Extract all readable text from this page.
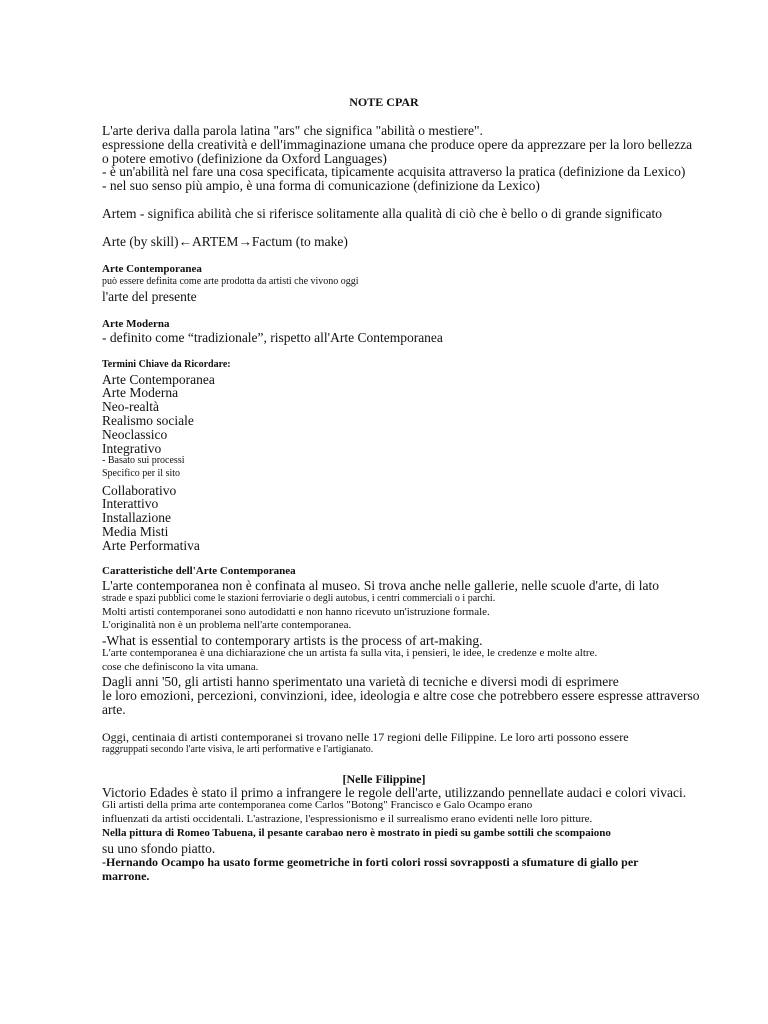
NOTE CPAR
L'arte deriva dalla parola latina "ars" che significa "abilità o mestiere".
espressione della creatività e dell'immaginazione umana che produce opere da apprezzare per la loro bellezza
o potere emotivo (definizione da Oxford Languages)
- è un'abilità nel fare una cosa specificata, tipicamente acquisita attraverso la pratica (definizione da Lexico)
- nel suo senso più ampio, è una forma di comunicazione (definizione da Lexico)
Artem - significa abilità che si riferisce solitamente alla qualità di ciò che è bello o di grande significato
Arte (by skill)←ARTEM→Factum (to make)
Arte Contemporanea
può essere definita come arte prodotta da artisti che vivono oggi
l'arte del presente
Arte Moderna
- definito come “tradizionale”, rispetto all'Arte Contemporanea
Termini Chiave da Ricordare:
Arte Contemporanea
Arte Moderna
Neo-realtà
Realismo sociale
Neoclassico
Integrativo
- Basato sui processi
Specifico per il sito
Collaborativo
Interattivo
Installazione
Media Misti
Arte Performativa
Caratteristiche dell'Arte Contemporanea
L'arte contemporanea non è confinata al museo. Si trova anche nelle gallerie, nelle scuole d'arte, di lato
strade e spazi pubblici come le stazioni ferroviarie o degli autobus, i centri commerciali o i parchi.
Molti artisti contemporanei sono autodidatti e non hanno ricevuto un'istruzione formale.
L'originalità non è un problema nell'arte contemporanea.
-What is essential to contemporary artists is the process of art-making.
L'arte contemporanea è una dichiarazione che un artista fa sulla vita, i pensieri, le idee, le credenze e molte altre.
cose che definiscono la vita umana.
Dagli anni '50, gli artisti hanno sperimentato una varietà di tecniche e diversi modi di esprimere
le loro emozioni, percezioni, convinzioni, idee, ideologia e altre cose che potrebbero essere espresse attraverso
arte.
Oggi, centinaia di artisti contemporanei si trovano nelle 17 regioni delle Filippine. Le loro arti possono essere
raggruppati secondo l'arte visiva, le arti performative e l'artigianato.
[Nelle Filippine]
Victorio Edades è stato il primo a infrangere le regole dell'arte, utilizzando pennellate audaci e colori vivaci.
Gli artisti della prima arte contemporanea come Carlos "Botong" Francisco e Galo Ocampo erano
influenzati da artisti occidentali. L'astrazione, l'espressionismo e il surrealismo erano evidenti nelle loro pitture.
Nella pittura di Romeo Tabuena, il pesante carabao nero è mostrato in piedi su gambe sottili che scompaiono
su uno sfondo piatto.
-Hernando Ocampo ha usato forme geometriche in forti colori rossi sovrapposti a sfumature di giallo per
marrone.
